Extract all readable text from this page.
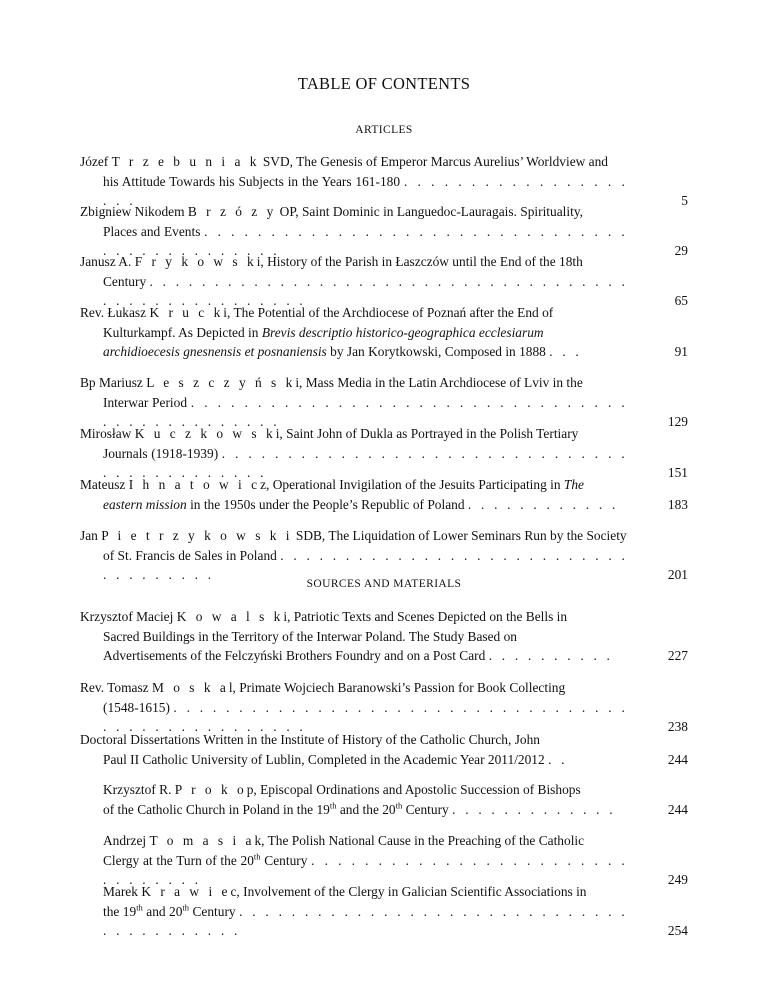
TABLE OF CONTENTS
ARTICLES
Józef T r z e b u n i a k SVD, The Genesis of Emperor Marcus Aurelius’ Worldview and
his Attitude Towards his Subjects in the Years 161-180 . . . . . . . . . . . . . . . . . . . .	5
Zbigniew Nikodem B r z ó z y OP, Saint Dominic in Languedoc-Lauragais. Spirituality,
Places and Events . . . . . . . . . . . . . . . . . . . . . . . . . . . . . . . . . . . . . . . . . . . . . .	29
Janusz A. F r y k o w s ki, History of the Parish in Łaszczów until the End of the 18th
Century . . . . . . . . . . . . . . . . . . . . . . . . . . . . . . . . . . . . . . . . . . . . . . . . . . . . .	65
Rev. Łukasz K r u c ki, The Potential of the Archdiocese of Poznań after the End of
Kulturkampf. As Depicted in Brevis descriptio historico-geographica ecclesiarum
archidioecesis gnesnensis et posnaniensis by Jan Korytkowski, Composed in 1888 . . .	91
Bp Mariusz L e s z c z y ń s ki, Mass Media in the Latin Archdiocese of Lviv in the
Interwar Period . . . . . . . . . . . . . . . . . . . . . . . . . . . . . . . . . . . . . . . . . . . . . . .	129
Mirosław K u c z k o w s ki, Saint John of Dukla as Portrayed in the Polish Tertiary
Journals (1918-1939) . . . . . . . . . . . . . . . . . . . . . . . . . . . . . . . . . . . . . . . . . . . .	151
Mateusz I h n a t o w i cz, Operational Invigilation of the Jesuits Participating in The
eastern mission in the 1950s under the People’s Republic of Poland . . . . . . . . . . . .	183
Jan P i e t r z y k o w s k i SDB, The Liquidation of Lower Seminars Run by the Society
of St. Francis de Sales in Poland . . . . . . . . . . . . . . . . . . . . . . . . . . . . . . . . . . . .	201
SOURCES AND MATERIALS
Krzysztof Maciej K o w a l s ki, Patriotic Texts and Scenes Depicted on the Bells in
Sacred Buildings in the Territory of the Interwar Poland. The Study Based on
Advertisements of the Felczyński Brothers Foundry and on a Post Card . . . . . . . . . .	227
Rev. Tomasz M o s k al, Primate Wojciech Baranowski’s Passion for Book Collecting
(1548-1615) . . . . . . . . . . . . . . . . . . . . . . . . . . . . . . . . . . . . . . . . . . . . . . . . . . .	238
Doctoral Dissertations Written in the Institute of History of the Catholic Church, John
Paul II Catholic University of Lublin, Completed in the Academic Year 2011/2012 . .	244
Krzysztof R. P r o k op, Episcopal Ordinations and Apostolic Succession of Bishops
of the Catholic Church in Poland in the 19th and the 20th Century . . . . . . . . . . . . .	244
Andrzej T o m a s i ak, The Polish National Cause in the Preaching of the Catholic
Clergy at the Turn of the 20th Century . . . . . . . . . . . . . . . . . . . . . . . . . . . . . . . .	249
Marek K r a w i ec, Involvement of the Clergy in Galician Scientific Associations in
the 19th and 20th Century . . . . . . . . . . . . . . . . . . . . . . . . . . . . . . . . . . . . . . . . .	254
